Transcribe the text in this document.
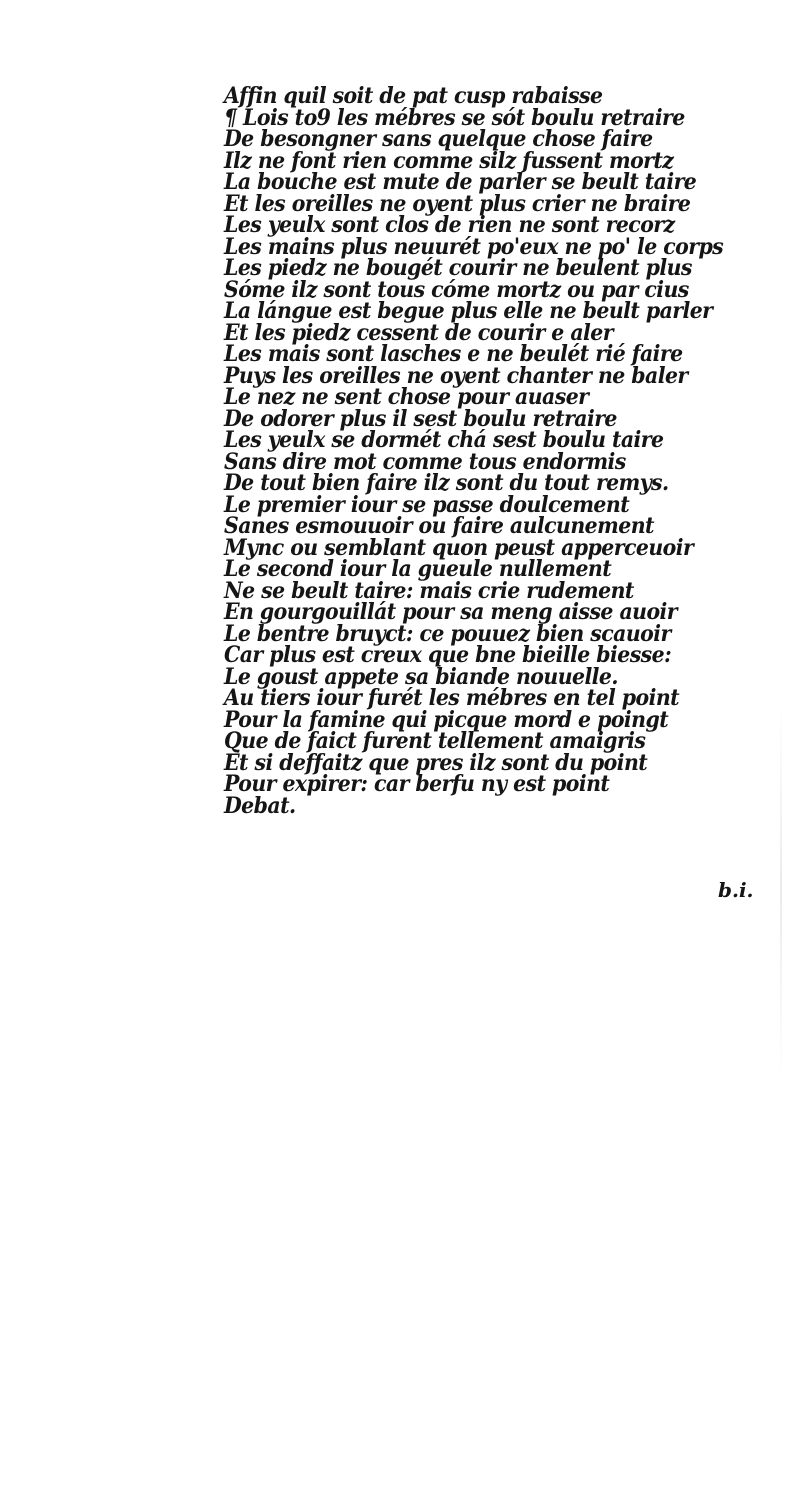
Affin quil soit de pat cusp rabaisse
¶ Lois to9 les mébres se sót boulu retraire
De besongner sans quelque chose faire
Ilz ne font rien comme silz fussent mortz
La bouche est mute de parler se beult taire
Et les oreilles ne oyent plus crier ne braire
Les yeulx sont clos de rien ne sont recorz
Les mains plus neuurét po'eux ne po' le corps
Les piedz ne bougét courir ne beulent plus
Sóme ilz sont tous cóme mortz ou par cius
La lángue est begue plus elle ne beult parler
Et les piedz cessent de courir e aler
Les mais sont lasches e ne beulét rié faire
Puys les oreilles ne oyent chanter ne baler
Le nez ne sent chose pour auaser
De odorer plus il sest boulu retraire
Les yeulx se dormét chá sest boulu taire
Sans dire mot comme tous endormis
De tout bien faire ilz sont du tout remys.
Le premier iour se passe doulcement
Sanes esmouuoir ou faire aulcunement
Mync ou semblant quon peust apperceuoir
Le second iour la gueule nullement
Ne se beult taire: mais crie rudement
En gourgouillát pour sa meng aisse auoir
Le bentre bruyct: ce pouuez bien scauoir
Car plus est creux que bne bieille biesse:
Le goust appete sa biande nouuelle.
Au tiers iour furét les mébres en tel point
Pour la famine qui picque mord e poingt
Que de faict furent tellement amaigris
Et si deffaitz que pres ilz sont du point
Pour expirer: car berfu ny est point
Debat.
b.i.
